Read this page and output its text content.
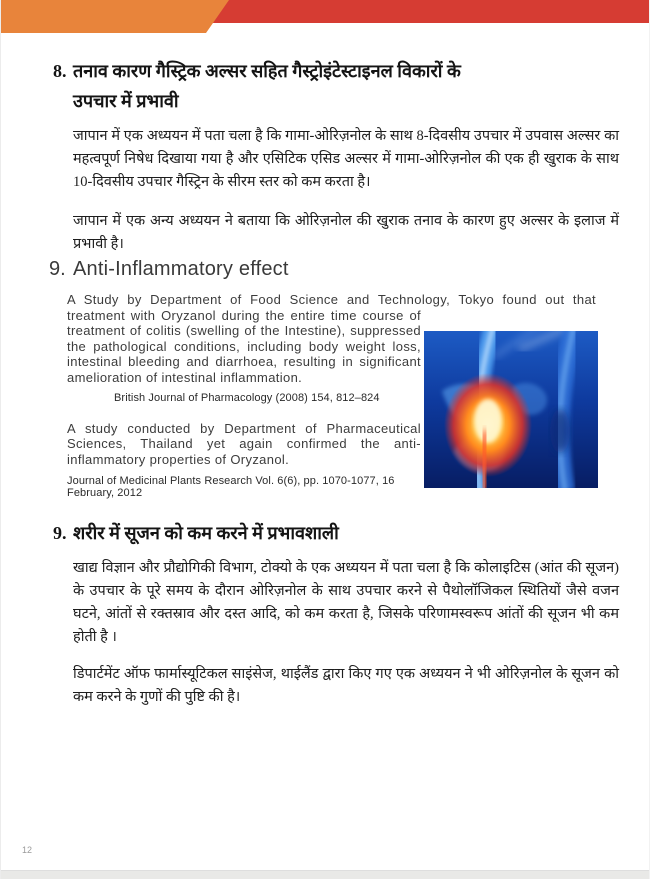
8. तनाव कारण गैस्ट्रिक अल्सर सहित गैस्ट्रोइंटेस्टाइनल विकारों के
उपचार में प्रभावी

जापान में एक अध्ययन में पता चला है कि गामा-ओरिज़नोल के साथ 8-दिवसीय उपचार में उपवास अल्सर का महत्वपूर्ण निषेध दिखाया गया है और एसिटिक एसिड अल्सर में गामा-ओरिज़नोल की एक ही खुराक के साथ 10-दिवसीय उपचार गैस्ट्रिन के सीरम स्तर को कम करता है।

जापान में एक अन्य अध्ययन ने बताया कि ओरिज़नोल की खुराक तनाव के कारण हुए अल्सर के इलाज में प्रभावी है।

9. Anti-Inflammatory effect

A Study by Department of Food Science and Technology, Tokyo found out that treatment with Oryzanol during the entire time course of treatment of colitis (swelling of the Intestine), suppressed the pathological conditions, including body weight loss, intestinal bleeding and diarrhoea, resulting in significant amelioration of intestinal inflammation.

British Journal of Pharmacology (2008) 154, 812–824

A study conducted by Department of Pharmaceutical Sciences, Thailand yet again confirmed the anti-inflammatory properties of Oryzanol.

Journal of Medicinal Plants Research Vol. 6(6), pp. 1070-1077, 16 February, 2012

9. शरीर में सूजन को कम करने में प्रभावशाली

खाद्य विज्ञान और प्रौद्योगिकी विभाग, टोक्यो के एक अध्ययन में पता चला है कि कोलाइटिस (आंत की सूजन) के उपचार के पूरे समय के दौरान ओरिज़नोल के साथ उपचार करने से पैथोलॉजिकल स्थितियों जैसे वजन घटने, आंतों से रक्तस्राव और दस्त आदि, को कम करता है, जिसके परिणामस्वरूप आंतों की सूजन भी कम होती है ।

डिपार्टमेंट ऑफ फार्मास्यूटिकल साइंसेज, थाईलैंड द्वारा किए गए एक अध्ययन ने भी ओरिज़नोल के सूजन को कम करने के गुणों की पुष्टि की है।

12
